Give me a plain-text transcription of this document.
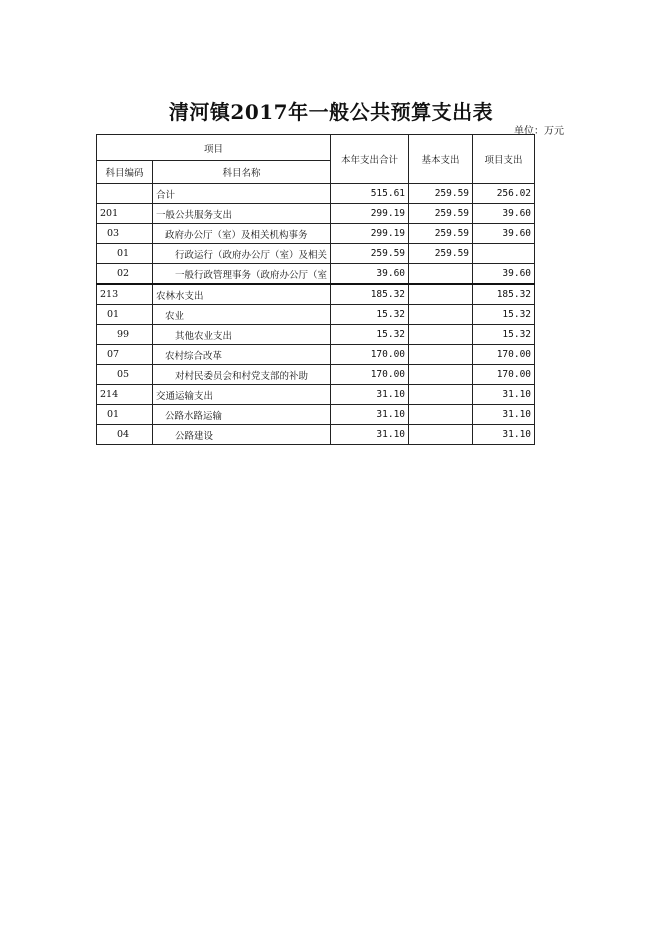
清河镇2017年一般公共预算支出表
单位：万元
项目		本年支出合计	基本支出	项目支出
科目编码	科目名称			
	合计	515.61	259.59	256.02
201	一般公共服务支出	299.19	259.59	39.60
03	政府办公厅（室）及相关机构事务	299.19	259.59	39.60
01	行政运行（政府办公厅（室）及相关	259.59	259.59	
02	一般行政管理事务（政府办公厅（室	39.60		39.60
213	农林水支出	185.32		185.32
01	农业	15.32		15.32
99	其他农业支出	15.32		15.32
07	农村综合改革	170.00		170.00
05	对村民委员会和村党支部的补助	170.00		170.00
214	交通运输支出	31.10		31.10
01	公路水路运输	31.10		31.10
04	公路建设	31.10		31.10
